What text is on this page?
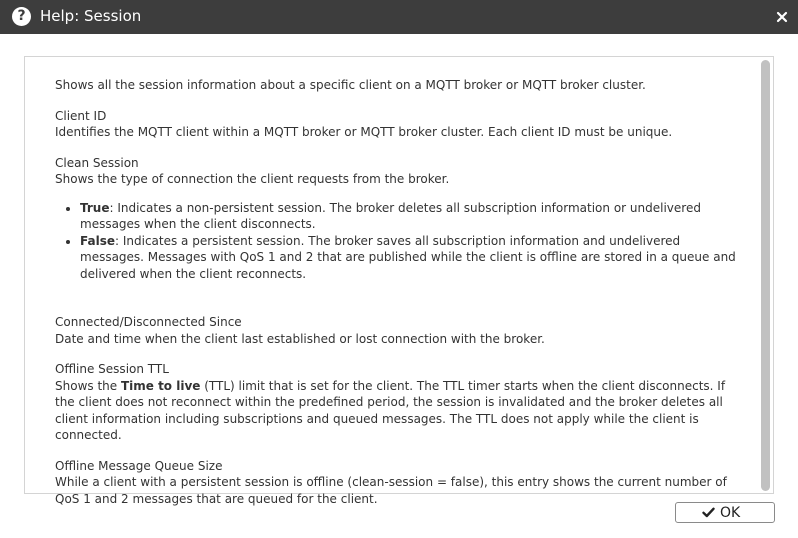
? Help: Session

Shows all the session information about a specific client on a MQTT broker or MQTT broker cluster.

Client ID

Identifies the MQTT client within a MQTT broker or MQTT broker cluster. Each client ID must be unique.

Clean Session

Shows the type of connection the client requests from the broker.

• True: Indicates a non-persistent session. The broker deletes all subscription information or undelivered messages when the client disconnects.
• False: Indicates a persistent session. The broker saves all subscription information and undelivered messages. Messages with QoS 1 and 2 that are published while the client is offline are stored in a queue and delivered when the client reconnects.

Connected/Disconnected Since

Date and time when the client last established or lost connection with the broker.

Offline Session TTL

Shows the Time to live (TTL) limit that is set for the client. The TTL timer starts when the client disconnects. If the client does not reconnect within the predefined period, the session is invalidated and the broker deletes all client information including subscriptions and queued messages. The TTL does not apply while the client is connected.

Offline Message Queue Size

While a client with a persistent session is offline (clean-session = false), this entry shows the current number of QoS 1 and 2 messages that are queued for the client.

OK
